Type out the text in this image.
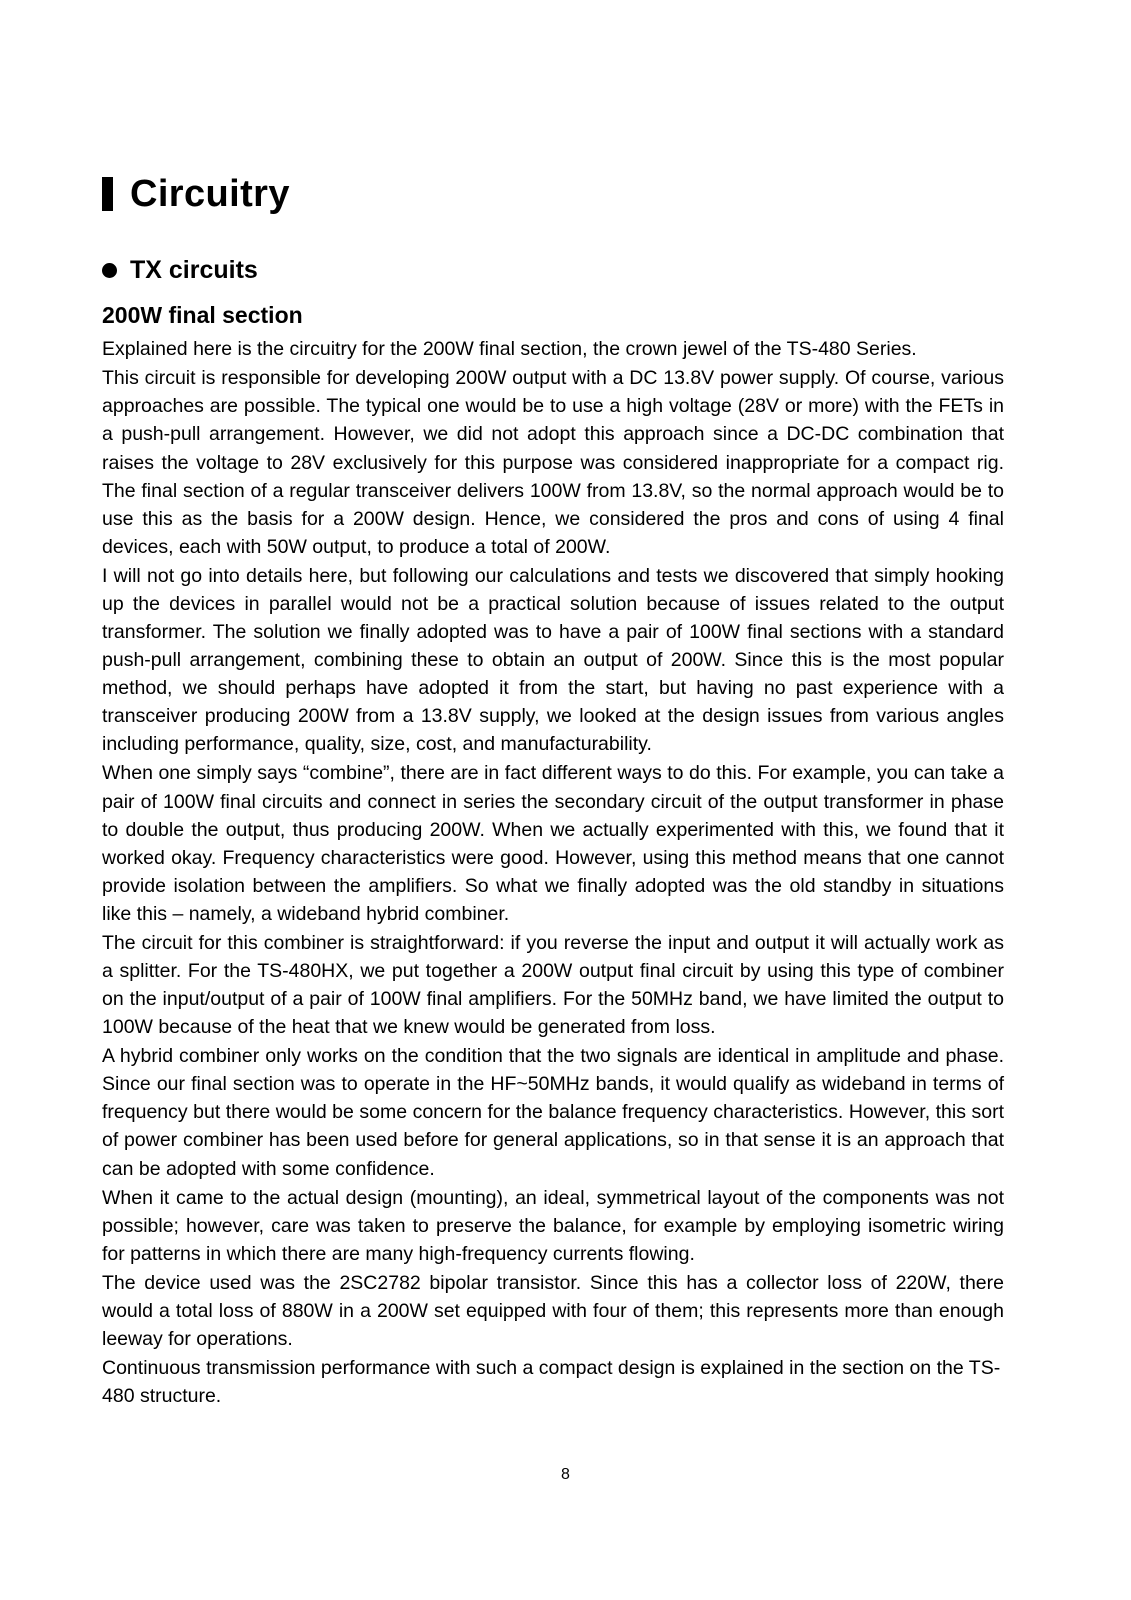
Circuitry
TX circuits
200W final section

Explained here is the circuitry for the 200W final section, the crown jewel of the TS-480 Series.

This circuit is responsible for developing 200W output with a DC 13.8V power supply. Of course, various approaches are possible. The typical one would be to use a high voltage (28V or more) with the FETs in a push-pull arrangement. However, we did not adopt this approach since a DC-DC combination that raises the voltage to 28V exclusively for this purpose was considered inappropriate for a compact rig. The final section of a regular transceiver delivers 100W from 13.8V, so the normal approach would be to use this as the basis for a 200W design. Hence, we considered the pros and cons of using 4 final devices, each with 50W output, to produce a total of 200W.

I will not go into details here, but following our calculations and tests we discovered that simply hooking up the devices in parallel would not be a practical solution because of issues related to the output transformer. The solution we finally adopted was to have a pair of 100W final sections with a standard push-pull arrangement, combining these to obtain an output of 200W. Since this is the most popular method, we should perhaps have adopted it from the start, but having no past experience with a transceiver producing 200W from a 13.8V supply, we looked at the design issues from various angles including performance, quality, size, cost, and manufacturability.

When one simply says “combine”, there are in fact different ways to do this. For example, you can take a pair of 100W final circuits and connect in series the secondary circuit of the output transformer in phase to double the output, thus producing 200W. When we actually experimented with this, we found that it worked okay. Frequency characteristics were good. However, using this method means that one cannot provide isolation between the amplifiers. So what we finally adopted was the old standby in situations like this – namely, a wideband hybrid combiner.

The circuit for this combiner is straightforward: if you reverse the input and output it will actually work as a splitter. For the TS-480HX, we put together a 200W output final circuit by using this type of combiner on the input/output of a pair of 100W final amplifiers. For the 50MHz band, we have limited the output to 100W because of the heat that we knew would be generated from loss.

A hybrid combiner only works on the condition that the two signals are identical in amplitude and phase. Since our final section was to operate in the HF~50MHz bands, it would qualify as wideband in terms of frequency but there would be some concern for the balance frequency characteristics. However, this sort of power combiner has been used before for general applications, so in that sense it is an approach that can be adopted with some confidence.

When it came to the actual design (mounting), an ideal, symmetrical layout of the components was not possible; however, care was taken to preserve the balance, for example by employing isometric wiring for patterns in which there are many high-frequency currents flowing.

The device used was the 2SC2782 bipolar transistor. Since this has a collector loss of 220W, there would a total loss of 880W in a 200W set equipped with four of them; this represents more than enough leeway for operations.

Continuous transmission performance with such a compact design is explained in the section on the TS-480 structure.

8
